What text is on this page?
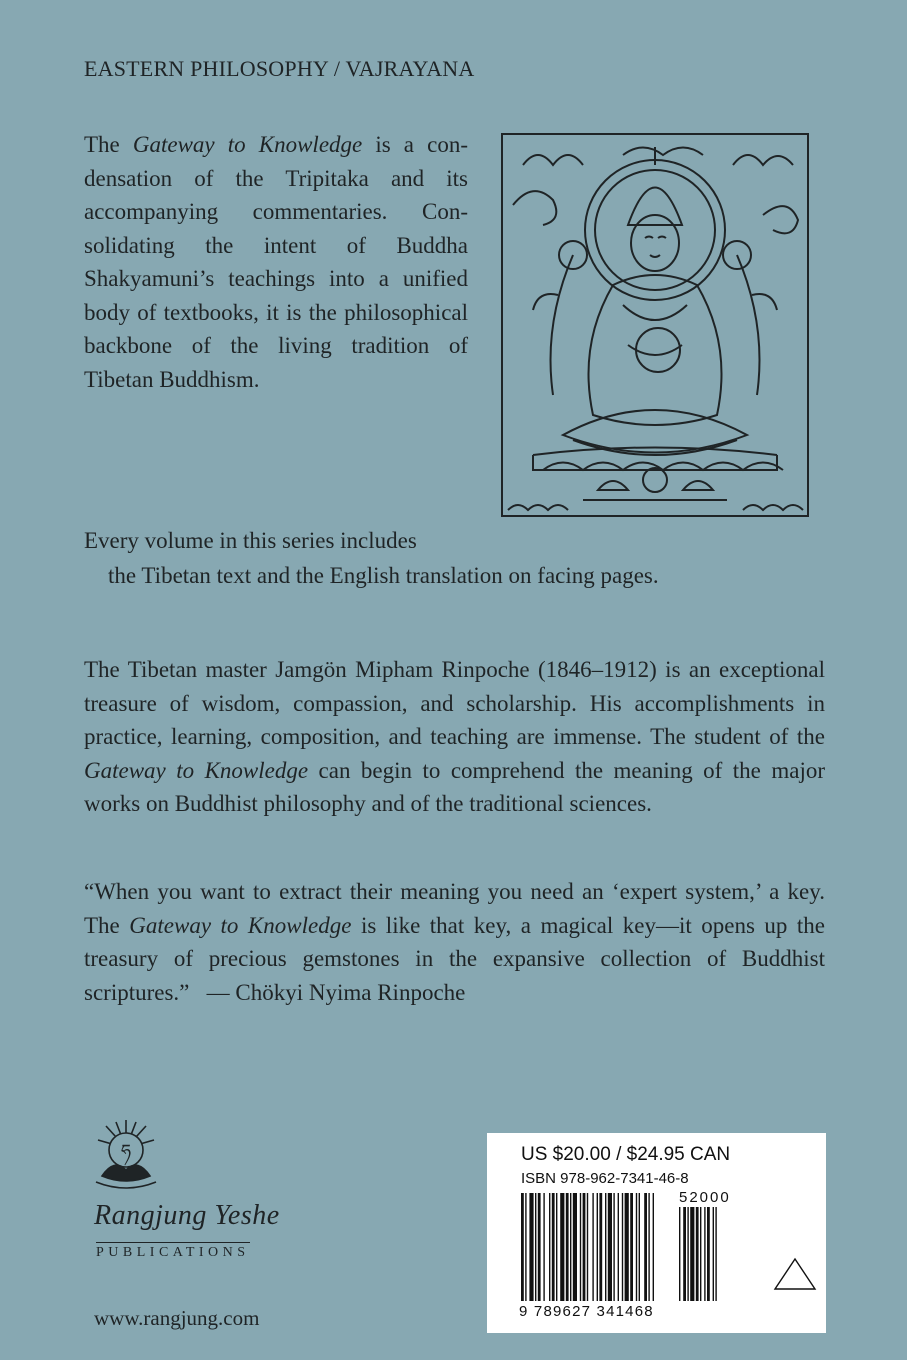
EASTERN PHILOSOPHY / VAJRAYANA
The Gateway to Knowledge is a condensation of the Tripitaka and its accompanying commentaries. Consolidating the intent of Buddha Shakyamuni’s teachings into a unified body of textbooks, it is the philosophical backbone of the living tradition of Tibetan Buddhism.
Every volume in this series includes
the Tibetan text and the English translation on facing pages.
The Tibetan master Jamgön Mipham Rinpoche (1846–1912) is an exceptional treasure of wisdom, compassion, and scholarship. His accomplishments in practice, learning, composition, and teaching are immense. The student of the Gateway to Knowledge can begin to comprehend the meaning of the major works on Buddhist philosophy and of the traditional sciences.
“When you want to extract their meaning you need an ‘expert system,’ a key. The Gateway to Knowledge is like that key, a magical key—it opens up the treasury of precious gemstones in the expansive collection of Buddhist scriptures.” — Chökyi Nyima Rinpoche
ཧ
Rangjung Yeshe
PUBLICATIONS
www.rangjung.com
US $20.00 / $24.95 CAN
ISBN 978-962-7341-46-8
52000
9 789627 341468
